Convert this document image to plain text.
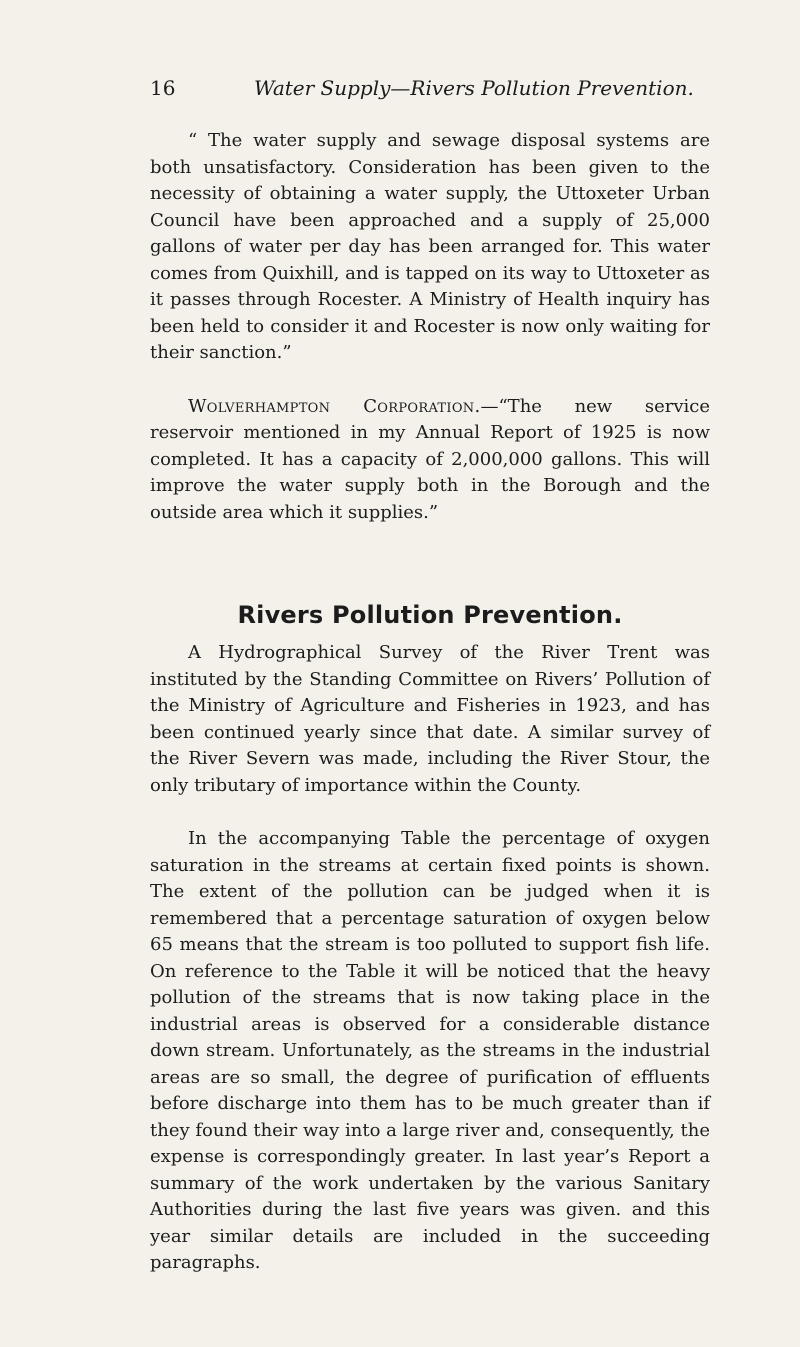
16	Water Supply—Rivers Pollution Prevention.

“ The water supply and sewage disposal systems are both unsatisfactory. Consideration has been given to the necessity of obtaining a water supply, the Uttoxeter Urban Council have been approached and a supply of 25,000 gallons of water per day has been arranged for. This water comes from Quixhill, and is tapped on its way to Uttoxeter as it passes through Rocester. A Ministry of Health inquiry has been held to consider it and Rocester is now only waiting for their sanction.”

Wolverhampton Corporation.—“The new service reservoir mentioned in my Annual Report of 1925 is now completed. It has a capacity of 2,000,000 gallons. This will improve the water supply both in the Borough and the outside area which it supplies.”

Rivers Pollution Prevention.

A Hydrographical Survey of the River Trent was instituted by the Standing Committee on Rivers’ Pollution of the Ministry of Agriculture and Fisheries in 1923, and has been continued yearly since that date. A similar survey of the River Severn was made, including the River Stour, the only tributary of importance within the County.

In the accompanying Table the percentage of oxygen saturation in the streams at certain fixed points is shown. The extent of the pollution can be judged when it is remembered that a percentage saturation of oxygen below 65 means that the stream is too polluted to support fish life. On reference to the Table it will be noticed that the heavy pollution of the streams that is now taking place in the industrial areas is observed for a considerable distance down stream. Unfortunately, as the streams in the industrial areas are so small, the degree of purification of effluents before discharge into them has to be much greater than if they found their way into a large river and, consequently, the expense is correspondingly greater. In last year’s Report a summary of the work undertaken by the various Sanitary Authorities during the last five years was given. and this year similar details are included in the succeeding paragraphs.
